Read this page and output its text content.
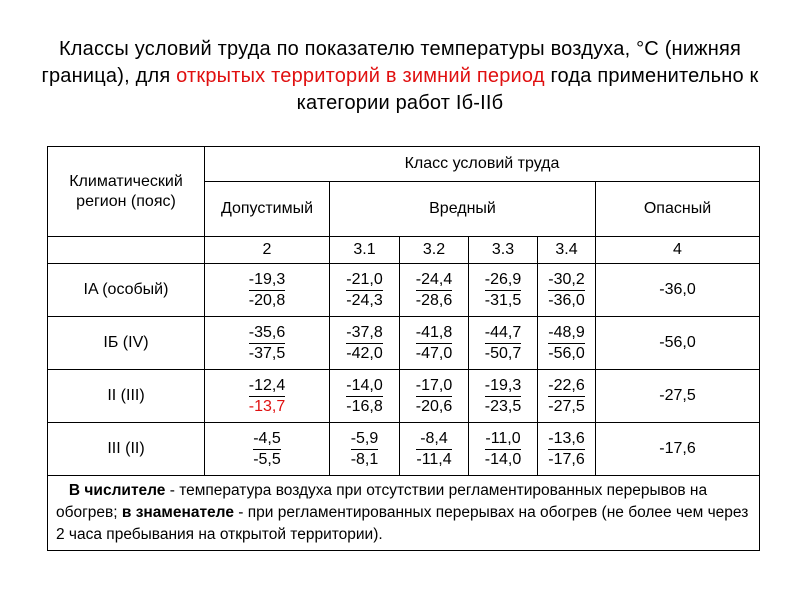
Классы условий труда по показателю температуры воздуха, °С (нижняя граница), для открытых территорий в зимний период года применительно к категории работ Iб-IIб
Климатический регион (пояс)	Класс условий труда					
	Допустимый	Вредный				Опасный
	2	3.1	3.2	3.3	3.4	4
IA (особый)	$\frac{-19,3}{-20,8}$	$\frac{-21,0}{-24,3}$	$\frac{-24,4}{-28,6}$	$\frac{-26,9}{-31,5}$	$\frac{-30,2}{-36,0}$	-36,0
IБ (IV)	$\frac{-35,6}{-37,5}$	$\frac{-37,8}{-42,0}$	$\frac{-41,8}{-47,0}$	$\frac{-44,7}{-50,7}$	$\frac{-48,9}{-56,0}$	-56,0
II (III)	$\frac{-12,4}{-13,7}$	$\frac{-14,0}{-16,8}$	$\frac{-17,0}{-20,6}$	$\frac{-19,3}{-23,5}$	$\frac{-22,6}{-27,5}$	-27,5
III (II)	$\frac{-4,5}{-5,5}$	$\frac{-5,9}{-8,1}$	$\frac{-8,4}{-11,4}$	$\frac{-11,0}{-14,0}$	$\frac{-13,6}{-17,6}$	-17,6
В числителе - температура воздуха при отсутствии регламентированных перерывов на обогрев; в знаменателе - при регламентированных перерывах на обогрев (не более чем через 2 часа пребывания на открытой территории).						
